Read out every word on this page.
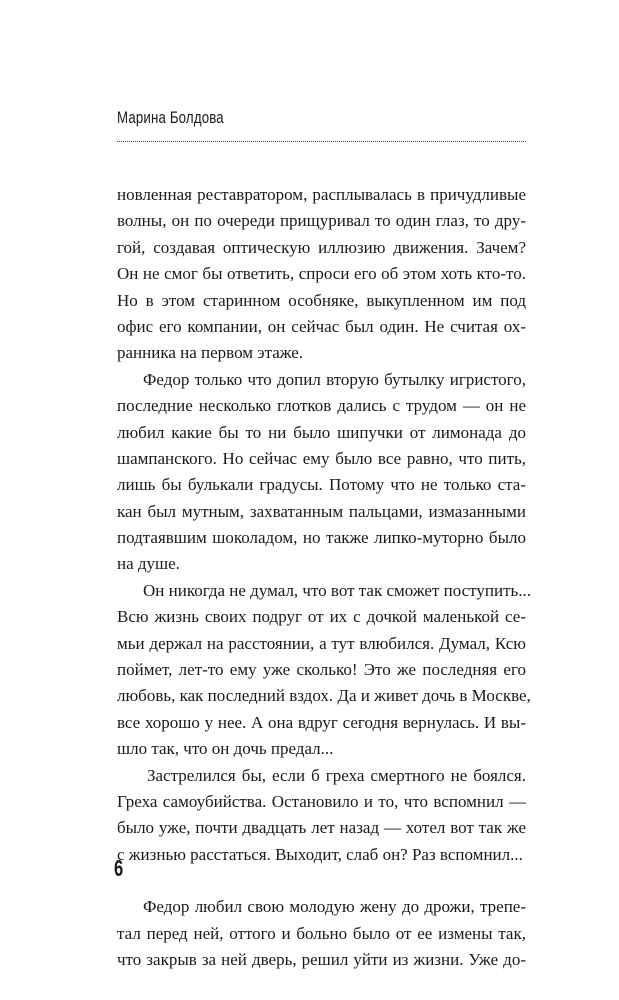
Марина Болдова
новленная реставратором, расплывалась в причудливые
волны, он по очереди прищуривал то один глаз, то дру-
гой, создавая оптическую иллюзию движения. Зачем?
Он не смог бы ответить, спроси его об этом хоть кто-то.
Но в этом старинном особняке, выкупленном им под
офис его компании, он сейчас был один. Не считая ох-
ранника на первом этаже.
Федор только что допил вторую бутылку игристого,
последние несколько глотков дались с трудом — он не
любил какие бы то ни было шипучки от лимонада до
шампанского. Но сейчас ему было все равно, что пить,
лишь бы булькали градусы. Потому что не только ста-
кан был мутным, захватанным пальцами, измазанными
подтаявшим шоколадом, но также липко-муторно было
на душе.
Он никогда не думал, что вот так сможет поступить...
Всю жизнь своих подруг от их с дочкой маленькой се-
мьи держал на расстоянии, а тут влюбился. Думал, Ксю
поймет, лет-то ему уже сколько! Это же последняя его
любовь, как последний вздох. Да и живет дочь в Москве,
все хорошо у нее. А она вдруг сегодня вернулась. И вы-
шло так, что он дочь предал...
Застрелился бы, если б греха смертного не боялся.
Греха самоубийства. Остановило и то, что вспомнил —
было уже, почти двадцать лет назад — хотел вот так же
с жизнью расстаться. Выходит, слаб он? Раз вспомнил...
Федор любил свою молодую жену до дрожи, трепе-
тал перед ней, оттого и больно было от ее измены так,
что закрыв за ней дверь, решил уйти из жизни. Уже до-
6
